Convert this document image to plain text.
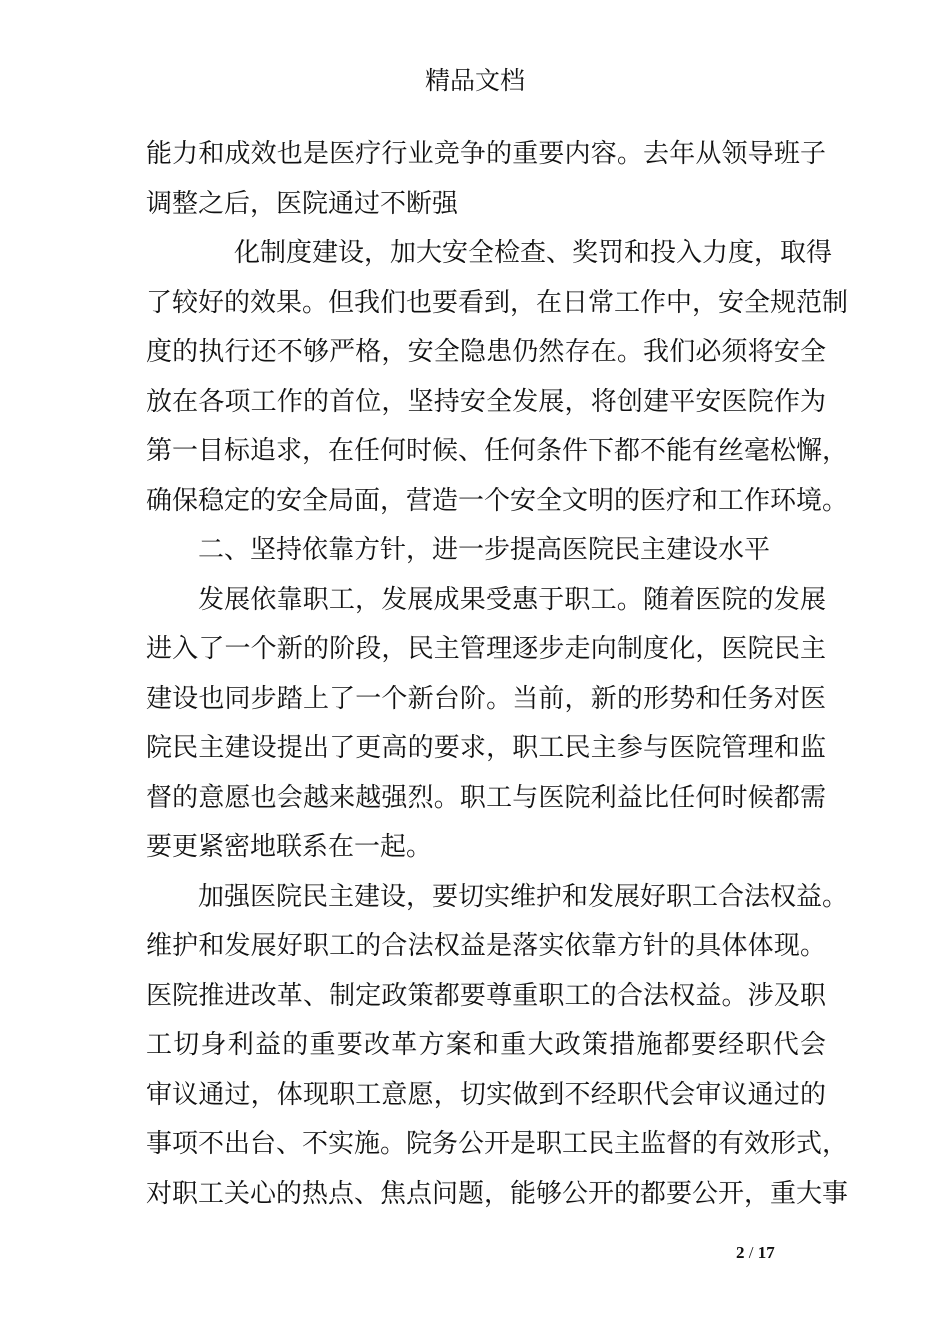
精品文档
能力和成效也是医疗行业竞争的重要内容。去年从领导班子
调整之后，医院通过不断强
化制度建设，加大安全检查、奖罚和投入力度，取得
了较好的效果。但我们也要看到，在日常工作中，安全规范制
度的执行还不够严格，安全隐患仍然存在。我们必须将安全
放在各项工作的首位，坚持安全发展，将创建平安医院作为
第一目标追求，在任何时候、任何条件下都不能有丝毫松懈，
确保稳定的安全局面，营造一个安全文明的医疗和工作环境。
二、坚持依靠方针，进一步提高医院民主建设水平
发展依靠职工，发展成果受惠于职工。随着医院的发展
进入了一个新的阶段，民主管理逐步走向制度化，医院民主
建设也同步踏上了一个新台阶。当前，新的形势和任务对医
院民主建设提出了更高的要求，职工民主参与医院管理和监
督的意愿也会越来越强烈。职工与医院利益比任何时候都需
要更紧密地联系在一起。
加强医院民主建设，要切实维护和发展好职工合法权益。
维护和发展好职工的合法权益是落实依靠方针的具体体现。
医院推进改革、制定政策都要尊重职工的合法权益。涉及职
工切身利益的重要改革方案和重大政策措施都要经职代会
审议通过，体现职工意愿，切实做到不经职代会审议通过的
事项不出台、不实施。院务公开是职工民主监督的有效形式，
对职工关心的热点、焦点问题，能够公开的都要公开，重大事
2 / 17
